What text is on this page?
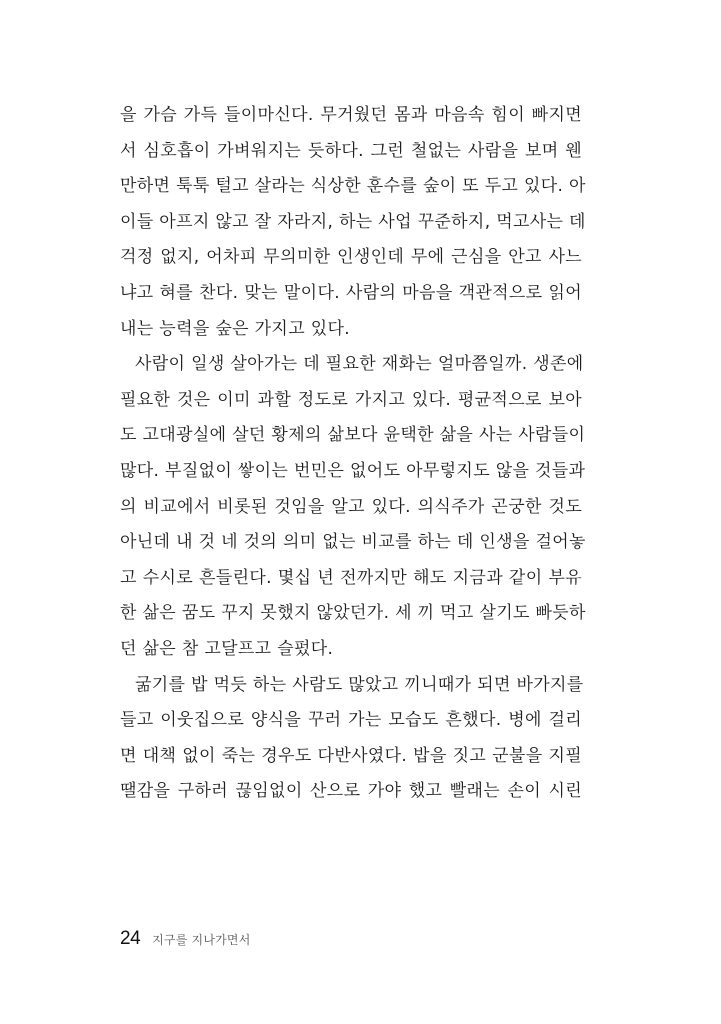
을 가슴 가득 들이마신다. 무거웠던 몸과 마음속 힘이 빠지면
서 심호흡이 가벼워지는 듯하다. 그런 철없는 사람을 보며 웬
만하면 툭툭 털고 살라는 식상한 훈수를 숲이 또 두고 있다. 아
이들 아프지 않고 잘 자라지, 하는 사업 꾸준하지, 먹고사는 데
걱정 없지, 어차피 무의미한 인생인데 무에 근심을 안고 사느
냐고 혀를 찬다. 맞는 말이다. 사람의 마음을 객관적으로 읽어
내는 능력을 숲은 가지고 있다.
사람이 일생 살아가는 데 필요한 재화는 얼마쯤일까. 생존에
필요한 것은 이미 과할 정도로 가지고 있다. 평균적으로 보아
도 고대광실에 살던 황제의 삶보다 윤택한 삶을 사는 사람들이
많다. 부질없이 쌓이는 번민은 없어도 아무렇지도 않을 것들과
의 비교에서 비롯된 것임을 알고 있다. 의식주가 곤궁한 것도
아닌데 내 것 네 것의 의미 없는 비교를 하는 데 인생을 걸어놓
고 수시로 흔들린다. 몇십 년 전까지만 해도 지금과 같이 부유
한 삶은 꿈도 꾸지 못했지 않았던가. 세 끼 먹고 살기도 빠듯하
던 삶은 참 고달프고 슬펐다.
굶기를 밥 먹듯 하는 사람도 많았고 끼니때가 되면 바가지를
들고 이웃집으로 양식을 꾸러 가는 모습도 흔했다. 병에 걸리
면 대책 없이 죽는 경우도 다반사였다. 밥을 짓고 군불을 지필
땔감을 구하러 끊임없이 산으로 가야 했고 빨래는 손이 시린
24 지구를 지나가면서
